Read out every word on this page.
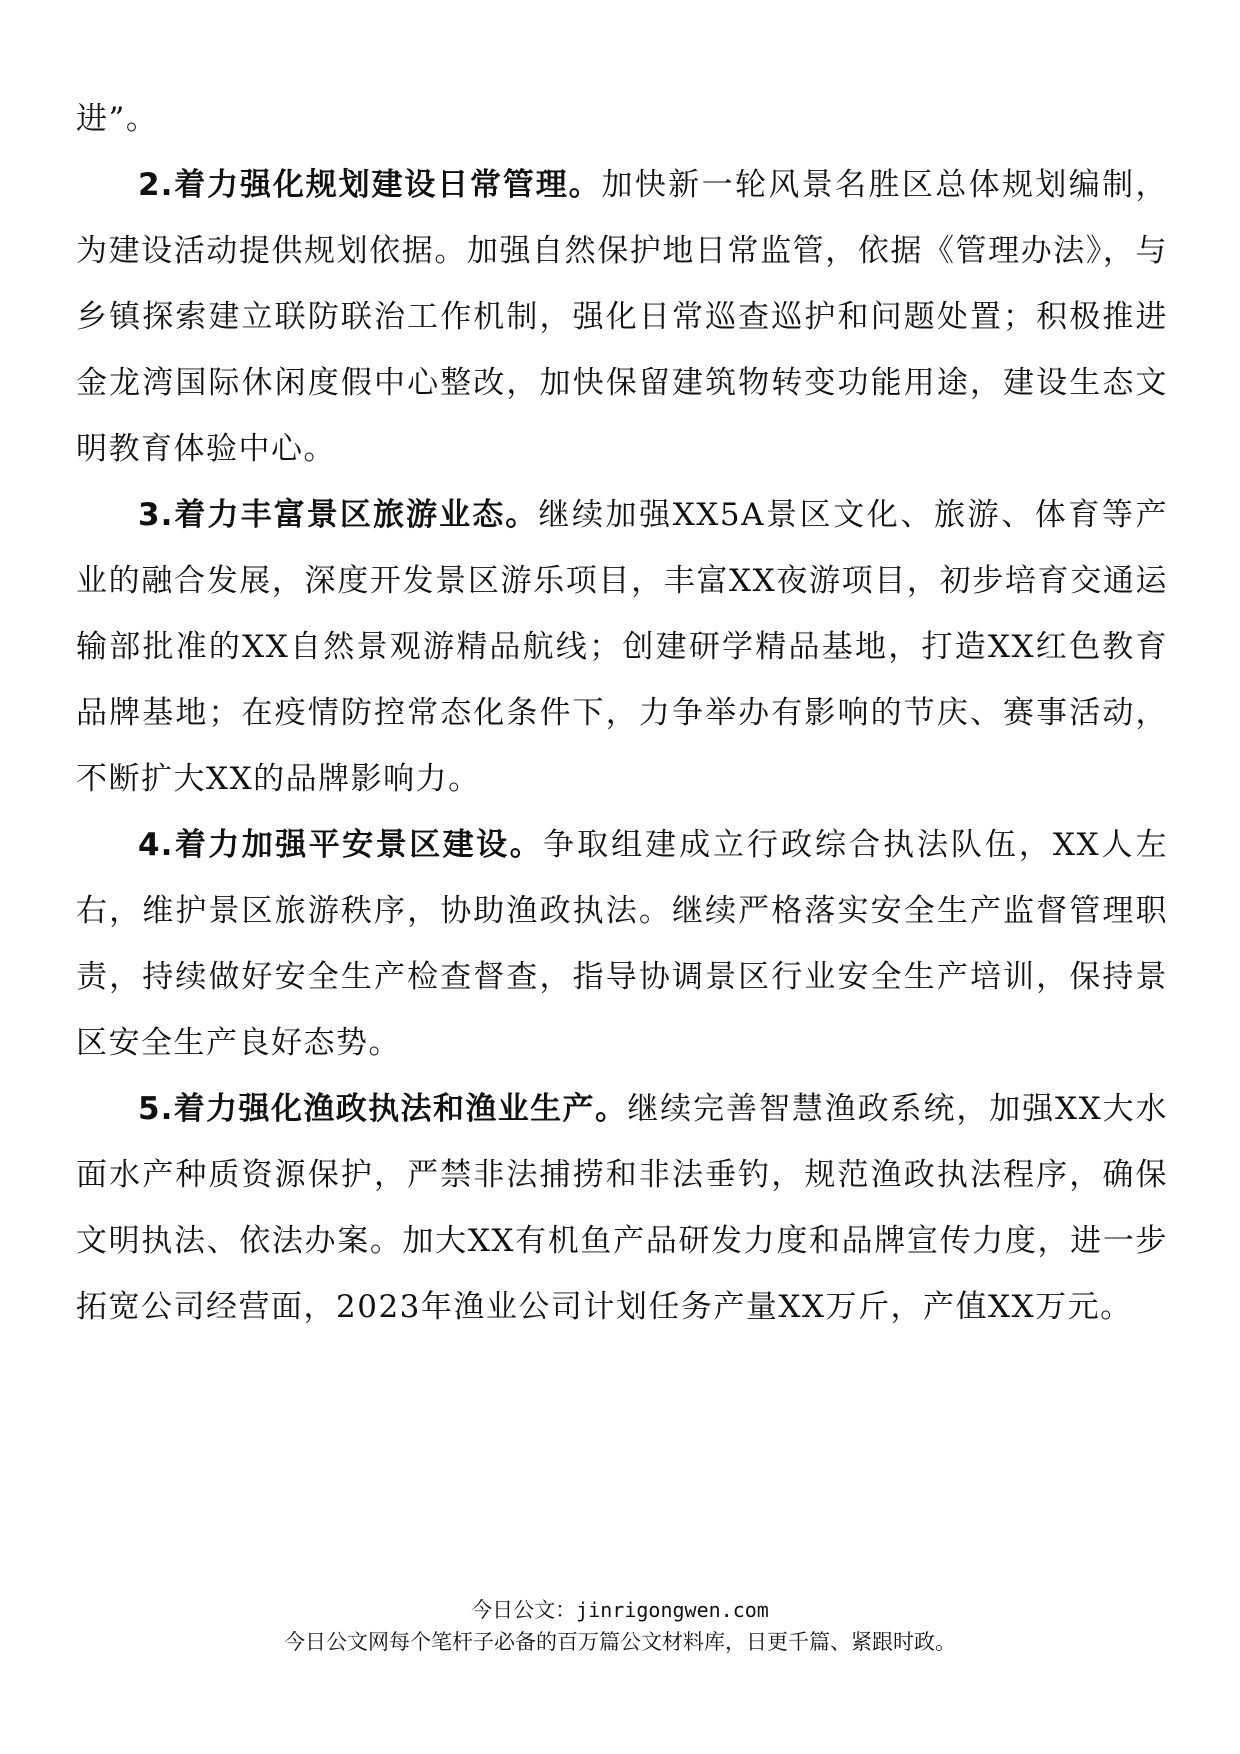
进”。

2.着力强化规划建设日常管理。加快新一轮风景名胜区总体规划编制，为建设活动提供规划依据。加强自然保护地日常监管，依据《管理办法》，与乡镇探索建立联防联治工作机制，强化日常巡查巡护和问题处置；积极推进金龙湾国际休闲度假中心整改，加快保留建筑物转变功能用途，建设生态文明教育体验中心。

3.着力丰富景区旅游业态。继续加强XX5A景区文化、旅游、体育等产业的融合发展，深度开发景区游乐项目，丰富XX夜游项目，初步培育交通运输部批准的XX自然景观游精品航线；创建研学精品基地，打造XX红色教育品牌基地；在疫情防控常态化条件下，力争举办有影响的节庆、赛事活动，不断扩大XX的品牌影响力。

4.着力加强平安景区建设。争取组建成立行政综合执法队伍，XX人左右，维护景区旅游秩序，协助渔政执法。继续严格落实安全生产监督管理职责，持续做好安全生产检查督查，指导协调景区行业安全生产培训，保持景区安全生产良好态势。

5.着力强化渔政执法和渔业生产。继续完善智慧渔政系统，加强XX大水面水产种质资源保护，严禁非法捕捞和非法垂钓，规范渔政执法程序，确保文明执法、依法办案。加大XX有机鱼产品研发力度和品牌宣传力度，进一步拓宽公司经营面，2023年渔业公司计划任务产量XX万斤，产值XX万元。

今日公文：jinrigongwen.com
今日公文网每个笔杆子必备的百万篇公文材料库，日更千篇、紧跟时政。
